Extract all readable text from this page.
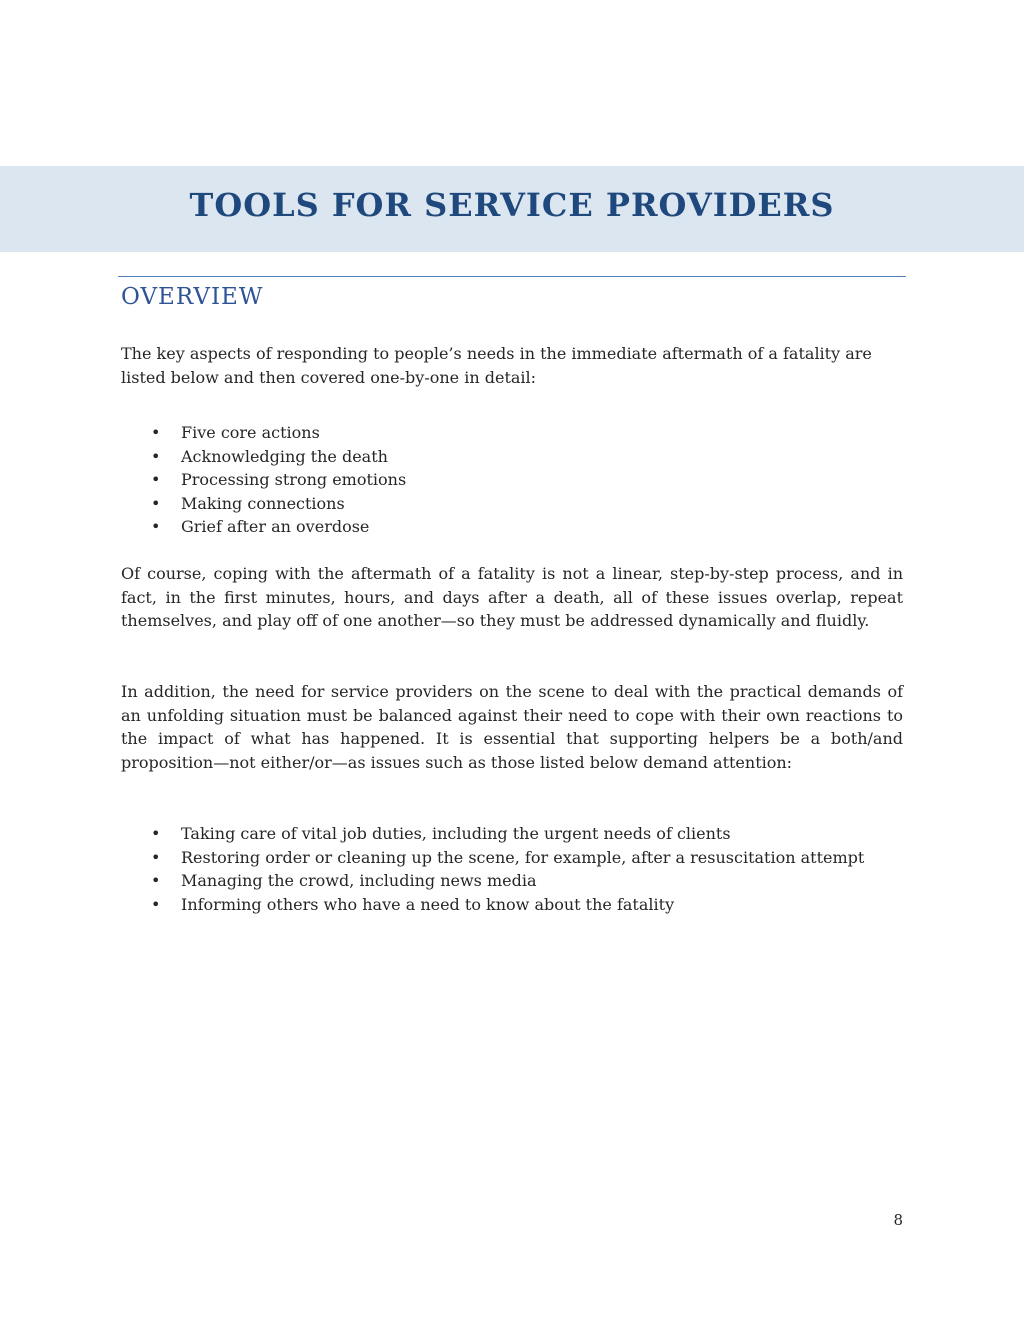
TOOLS FOR SERVICE PROVIDERS
OVERVIEW

The key aspects of responding to people’s needs in the immediate aftermath of a fatality are listed below and then covered one-by-one in detail:

• Five core actions
• Acknowledging the death
• Processing strong emotions
• Making connections
• Grief after an overdose

Of course, coping with the aftermath of a fatality is not a linear, step-by-step process, and in fact, in the first minutes, hours, and days after a death, all of these issues overlap, repeat themselves, and play off of one another—so they must be addressed dynamically and fluidly.

In addition, the need for service providers on the scene to deal with the practical demands of an unfolding situation must be balanced against their need to cope with their own reactions to the impact of what has happened. It is essential that supporting helpers be a both/and proposition—not either/or—as issues such as those listed below demand attention:

• Taking care of vital job duties, including the urgent needs of clients
• Restoring order or cleaning up the scene, for example, after a resuscitation attempt
• Managing the crowd, including news media
• Informing others who have a need to know about the fatality
8
